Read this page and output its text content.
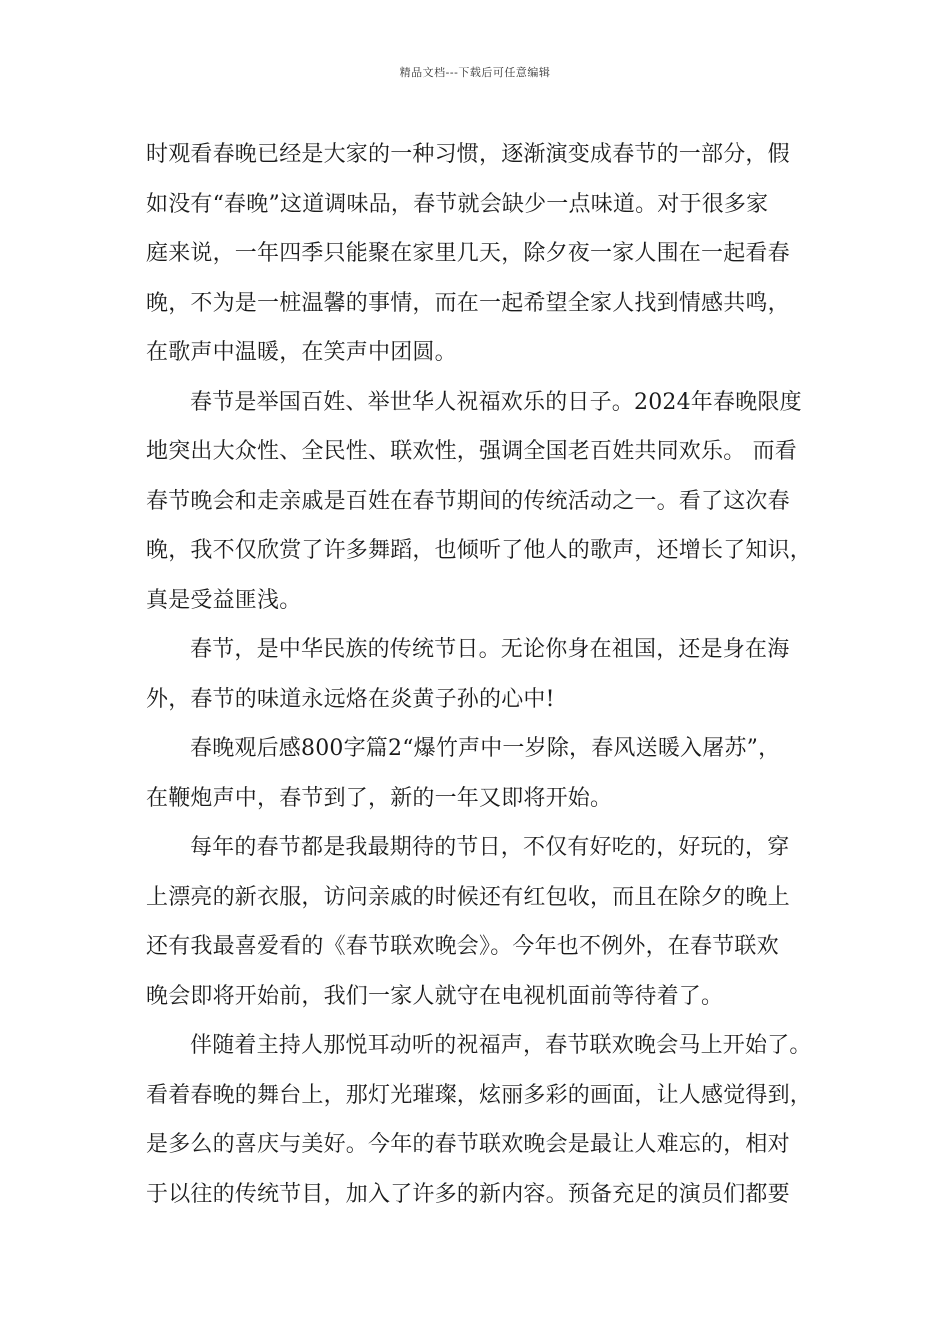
精品文档---下载后可任意编辑
时观看春晚已经是大家的一种习惯，逐渐演变成春节的一部分，假
如没有“春晚”这道调味品，春节就会缺少一点味道。对于很多家
庭来说，一年四季只能聚在家里几天，除夕夜一家人围在一起看春
晚，不为是一桩温馨的事情，而在一起希望全家人找到情感共鸣，
在歌声中温暖，在笑声中团圆。
春节是举国百姓、举世华人祝福欢乐的日子。2024年春晚限度
地突出大众性、全民性、联欢性，强调全国老百姓共同欢乐。 而看
春节晚会和走亲戚是百姓在春节期间的传统活动之一。看了这次春
晚，我不仅欣赏了许多舞蹈，也倾听了他人的歌声，还增长了知识，
真是受益匪浅。
春节，是中华民族的传统节日。无论你身在祖国，还是身在海
外，春节的味道永远烙在炎黄子孙的心中!
春晚观后感800字篇2“爆竹声中一岁除，春风送暖入屠苏”，
在鞭炮声中，春节到了，新的一年又即将开始。
每年的春节都是我最期待的节日，不仅有好吃的，好玩的，穿
上漂亮的新衣服，访问亲戚的时候还有红包收，而且在除夕的晚上
还有我最喜爱看的《春节联欢晚会》。今年也不例外，在春节联欢
晚会即将开始前，我们一家人就守在电视机面前等待着了。
伴随着主持人那悦耳动听的祝福声，春节联欢晚会马上开始了。
看着春晚的舞台上，那灯光璀璨，炫丽多彩的画面，让人感觉得到，
是多么的喜庆与美好。今年的春节联欢晚会是最让人难忘的，相对
于以往的传统节目，加入了许多的新内容。预备充足的演员们都要
